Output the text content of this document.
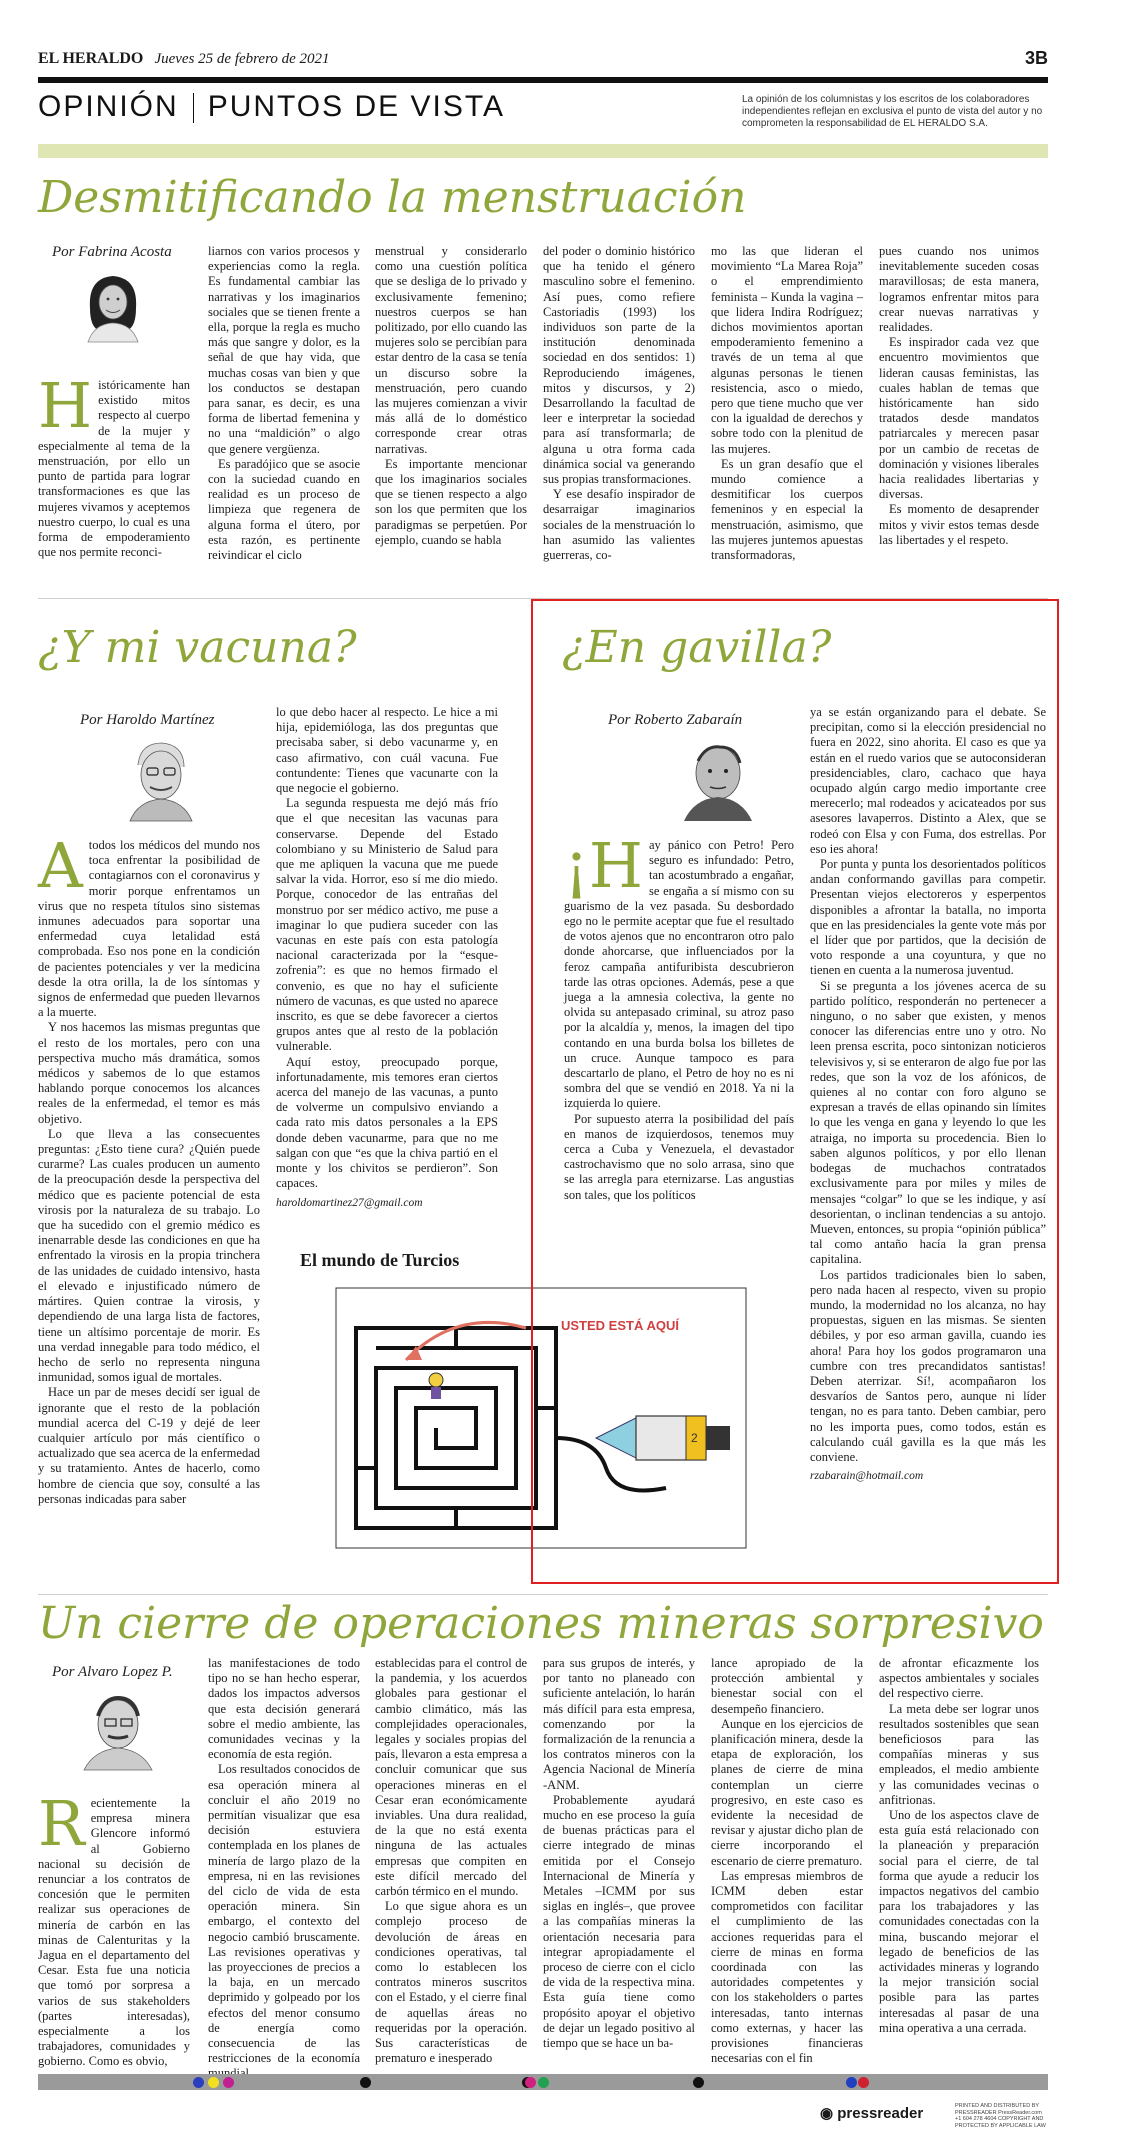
EL HERALDO Jueves 25 de febrero de 2021	3B
OPINIÓN PUNTOS DE VISTA	La opinión de los columnistas y los escritos de los colaboradores independientes reflejan en exclusiva el punto de vista del autor y no comprometen la responsabilidad de EL HERALDO S.A.
Desmitificando la menstruación
Por Fabrina Acosta
Históricamente han existido mitos respecto al cuerpo de la mujer y especialmente al tema de la menstruación, por ello un punto de partida para lograr transformaciones es que las mujeres vivamos y aceptemos nuestro cuerpo, lo cual es una forma de empoderamiento que nos permite reconci-

liarnos con varios procesos y experiencias como la regla. Es fundamental cambiar las narrativas y los imaginarios sociales que se tienen frente a ella, porque la regla es mucho más que sangre y dolor, es la señal de que hay vida, que muchas cosas van bien y que los conductos se destapan para sanar, es decir, es una forma de libertad femenina y no una “maldición” o algo que genere vergüenza.

Es paradójico que se asocie con la suciedad cuando en realidad es un proceso de limpieza que regenera de alguna forma el útero, por esta razón, es pertinente reivindicar el ciclo

menstrual y considerarlo como una cuestión política que se desliga de lo privado y exclusivamente femenino; nuestros cuerpos se han politizado, por ello cuando las mujeres solo se percibían para estar dentro de la casa se tenía un discurso sobre la menstruación, pero cuando las mujeres comienzan a vivir más allá de lo doméstico corresponde crear otras narrativas.

Es importante mencionar que los imaginarios sociales que se tienen respecto a algo son los que permiten que los paradigmas se perpetúen. Por ejemplo, cuando se habla

del poder o dominio histórico que ha tenido el género masculino sobre el femenino. Así pues, como refiere Castoriadis (1993) los individuos son parte de la institución denominada sociedad en dos sentidos: 1) Reproduciendo imágenes, mitos y discursos, y 2) Desarrollando la facultad de leer e interpretar la sociedad para así transformarla; de alguna u otra forma cada dinámica social va generando sus propias transformaciones.

Y ese desafío inspirador de desarraigar imaginarios sociales de la menstruación lo han asumido las valientes guerreras, co-

mo las que lideran el movimiento “La Marea Roja” o el emprendimiento feminista – Kunda la vagina – que lidera Indira Rodríguez; dichos movimientos aportan empoderamiento femenino a través de un tema al que algunas personas le tienen resistencia, asco o miedo, pero que tiene mucho que ver con la igualdad de derechos y sobre todo con la plenitud de las mujeres.

Es un gran desafío que el mundo comience a desmitificar los cuerpos femeninos y en especial la menstruación, asimismo, que las mujeres juntemos apuestas transformadoras,

pues cuando nos unimos inevitablemente suceden cosas maravillosas; de esta manera, logramos enfrentar mitos para crear nuevas narrativas y realidades.

Es inspirador cada vez que encuentro movimientos que lideran causas feministas, las cuales hablan de temas que históricamente han sido tratados desde mandatos patriarcales y merecen pasar por un cambio de recetas de dominación y visiones liberales hacia realidades libertarias y diversas.

Es momento de desaprender mitos y vivir estos temas desde las libertades y el respeto.

¿Y mi vacuna?
Por Haroldo Martínez
Atodos los médicos del mundo nos toca enfrentar la posibilidad de contagiarnos con el coronavirus y morir porque enfrentamos un virus que no respeta títulos sino sistemas inmunes adecuados para soportar una enfermedad cuya letalidad está comprobada. Eso nos pone en la condición de pacientes potenciales y ver la medicina desde la otra orilla, la de los síntomas y signos de enfermedad que pueden llevarnos a la muerte.

Y nos hacemos las mismas preguntas que el resto de los mortales, pero con una perspectiva mucho más dramática, somos médicos y sabemos de lo que estamos hablando porque conocemos los alcances reales de la enfermedad, el temor es más objetivo.

Lo que lleva a las consecuentes preguntas: ¿Esto tiene cura? ¿Quién puede curarme? Las cuales producen un aumento de la preocupación desde la perspectiva del médico que es paciente potencial de esta virosis por la naturaleza de su trabajo. Lo que ha sucedido con el gremio médico es inenarrable desde las condiciones en que ha enfrentado la virosis en la propia trinchera de las unidades de cuidado intensivo, hasta el elevado e injustificado número de mártires. Quien contrae la virosis, y dependiendo de una larga lista de factores, tiene un altísimo porcentaje de morir. Es una verdad innegable para todo médico, el hecho de serlo no representa ninguna inmunidad, somos igual de mortales.

Hace un par de meses decidí ser igual de ignorante que el resto de la población mundial acerca del C-19 y dejé de leer cualquier artículo por más científico o actualizado que sea acerca de la enfermedad y su tratamiento. Antes de hacerlo, como hombre de ciencia que soy, consulté a las personas indicadas para saber

lo que debo hacer al respecto. Le hice a mi hija, epidemióloga, las dos preguntas que precisaba saber, si debo vacunarme y, en caso afirmativo, con cuál vacuna. Fue contundente: Tienes que vacunarte con la que negocie el gobierno.

La segunda respuesta me dejó más frío que el que necesitan las vacunas para conservarse. Depende del Estado colombiano y su Ministerio de Salud para que me apliquen la vacuna que me puede salvar la vida. Horror, eso sí me dio miedo. Porque, conocedor de las entrañas del monstruo por ser médico activo, me puse a imaginar lo que pudiera suceder con las vacunas en este país con esta patología nacional caracterizada por la “esque-zofrenia”: es que no hemos firmado el convenio, es que no hay el suficiente número de vacunas, es que usted no aparece inscrito, es que se debe favorecer a ciertos grupos antes que al resto de la población vulnerable.

Aquí estoy, preocupado porque, infortunadamente, mis temores eran ciertos acerca del manejo de las vacunas, a punto de volverme un compulsivo enviando a cada rato mis datos personales a la EPS donde deben vacunarme, para que no me salgan con que “es que la chiva partió en el monte y los chivitos se perdieron”. Son capaces.

haroldomartinez27@gmail.com
El mundo de Turcios
USTED ESTÁ AQUÍ
2
¿En gavilla?
Por Roberto Zabaraín
¡H ay pánico con Petro! Pero seguro es infundado: Petro, tan acostumbrado a engañar, se engaña a sí mismo con su guarismo de la vez pasada. Su desbordado ego no le permite aceptar que fue el resultado de votos ajenos que no encontraron otro palo donde ahorcarse, que influenciados por la feroz campaña antifuribista descubrieron tarde las otras opciones. Además, pese a que juega a la amnesia colectiva, la gente no olvida su antepasado criminal, su atroz paso por la alcaldía y, menos, la imagen del tipo contando en una burda bolsa los billetes de un cruce. Aunque tampoco es para descartarlo de plano, el Petro de hoy no es ni sombra del que se vendió en 2018. Ya ni la izquierda lo quiere.

Por supuesto aterra la posibilidad del país en manos de izquierdosos, tenemos muy cerca a Cuba y Venezuela, el devastador castrochavismo que no solo arrasa, sino que se las arregla para eternizarse. Las angustias son tales, que los políticos

ya se están organizando para el debate. Se precipitan, como si la elección presidencial no fuera en 2022, sino ahorita. El caso es que ya están en el ruedo varios que se autoconsideran presidenciables, claro, cachaco que haya ocupado algún cargo medio importante cree merecerlo; mal rodeados y acicateados por sus asesores lavaperros. Distinto a Alex, que se rodeó con Elsa y con Fuma, dos estrellas. Por eso ies ahora!

Por punta y punta los desorientados políticos andan conformando gavillas para competir. Presentan viejos electoreros y esperpentos disponibles a afrontar la batalla, no importa que en las presidenciales la gente vote más por el líder que por partidos, que la decisión de voto responde a una coyuntura, y que no tienen en cuenta a la numerosa juventud.

Si se pregunta a los jóvenes acerca de su partido político, responderán no pertenecer a ninguno, o no saber que existen, y menos conocer las diferencias entre uno y otro. No leen prensa escrita, poco sintonizan noticieros televisivos y, si se enteraron de algo fue por las redes, que son la voz de los afónicos, de quienes al no contar con foro alguno se expresan a través de ellas opinando sin límites lo que les venga en gana y leyendo lo que les atraiga, no importa su procedencia. Bien lo saben algunos políticos, y por ello llenan bodegas de muchachos contratados exclusivamente para por miles y miles de mensajes “colgar” lo que se les indique, y así desorientan, o inclinan tendencias a su antojo. Mueven, entonces, su propia “opinión pública” tal como antaño hacía la gran prensa capitalina.

Los partidos tradicionales bien lo saben, pero nada hacen al respecto, viven su propio mundo, la modernidad no los alcanza, no hay propuestas, siguen en las mismas. Se sienten débiles, y por eso arman gavilla, cuando ies ahora! Para hoy los godos programaron una cumbre con tres precandidatos santistas! Deben aterrizar. Sí!, acompañaron los desvaríos de Santos pero, aunque ni líder tengan, no es para tanto. Deben cambiar, pero no les importa pues, como todos, están es calculando cuál gavilla es la que más les conviene.

rzabarain@hotmail.com
Un cierre de operaciones mineras sorpresivo
Por Alvaro Lopez P.
Recientemente la empresa minera Glencore informó al Gobierno nacional su decisión de renunciar a los contratos de concesión que le permiten realizar sus operaciones de minería de carbón en las minas de Calenturitas y la Jagua en el departamento del Cesar. Esta fue una noticia que tomó por sorpresa a varios de sus stakeholders (partes interesadas), especialmente a los trabajadores, comunidades y gobierno. Como es obvio,

las manifestaciones de todo tipo no se han hecho esperar, dados los impactos adversos que esta decisión generará sobre el medio ambiente, las comunidades vecinas y la economía de esta región.

Los resultados conocidos de esa operación minera al concluir el año 2019 no permitían visualizar que esa decisión estuviera contemplada en los planes de minería de largo plazo de la empresa, ni en las revisiones del ciclo de vida de esta operación minera. Sin embargo, el contexto del negocio cambió bruscamente. Las revisiones operativas y las proyecciones de precios a la baja, en un mercado deprimido y golpeado por los efectos del menor consumo de energía como consecuencia de las restricciones de la economía

establecidas para el control de la pandemia, y los acuerdos globales para gestionar el cambio climático, más las complejidades operacionales, legales y sociales propias del país, llevaron a esta empresa a concluir comunicar que sus operaciones mineras en el Cesar eran económicamente inviables. Una dura realidad, de la que no está exenta ninguna de las actuales empresas que compiten en este difícil mercado del carbón térmico en el mundo.

Lo que sigue ahora es un complejo proceso de devolución de áreas en condiciones operativas, tal como lo establecen los contratos mineros suscritos con el Estado, y el cierre final de aquellas áreas no requeridas por la operación. Sus características de prematuro e inesperado

para sus grupos de interés, y por tanto no planeado con suficiente antelación, lo harán más difícil para esta empresa, comenzando por la formalización de la renuncia a los contratos mineros con la Agencia Nacional de Minería -ANM.

Probablemente ayudará mucho en ese proceso la guía de buenas prácticas para el cierre integrado de minas emitida por el Consejo Internacional de Minería y Metales –ICMM por sus siglas en inglés–, que provee a las compañías mineras la orientación necesaria para integrar apropiadamente el proceso de cierre con el ciclo de vida de la respectiva mina. Esta guía tiene como propósito apoyar el objetivo de dejar un legado positivo al tiempo que se hace un ba-

lance apropiado de la protección ambiental y bienestar social con el desempeño financiero.

Aunque en los ejercicios de planificación minera, desde la etapa de exploración, los planes de cierre de mina contemplan un cierre progresivo, en este caso es evidente la necesidad de revisar y ajustar dicho plan de cierre incorporando el escenario de cierre prematuro.

Las empresas miembros de ICMM deben estar comprometidos con facilitar el cumplimiento de las acciones requeridas para el cierre de minas en forma coordinada con las autoridades competentes y con los stakeholders o partes interesadas, tanto internas como externas, y hacer las provisiones financieras necesarias con el fin

de afrontar eficazmente los aspectos ambientales y sociales del respectivo cierre.

La meta debe ser lograr unos resultados sostenibles que sean beneficiosos para las compañías mineras y sus empleados, el medio ambiente y las comunidades vecinas o anfitrionas.

Uno de los aspectos clave de esta guía está relacionado con la planeación y preparación social para el cierre, de tal forma que ayude a reducir los impactos negativos del cambio para los trabajadores y las comunidades conectadas con la mina, buscando mejorar el legado de beneficios de las actividades mineras y logrando la mejor transición social posible para las partes interesadas al pasar de una mina operativa a una cerrada.

◉ pressreader	PRINTED AND DISTRIBUTED BY PRESSREADER PressReader.com +1 604 278 4604 COPYRIGHT AND PROTECTED BY APPLICABLE LAW
